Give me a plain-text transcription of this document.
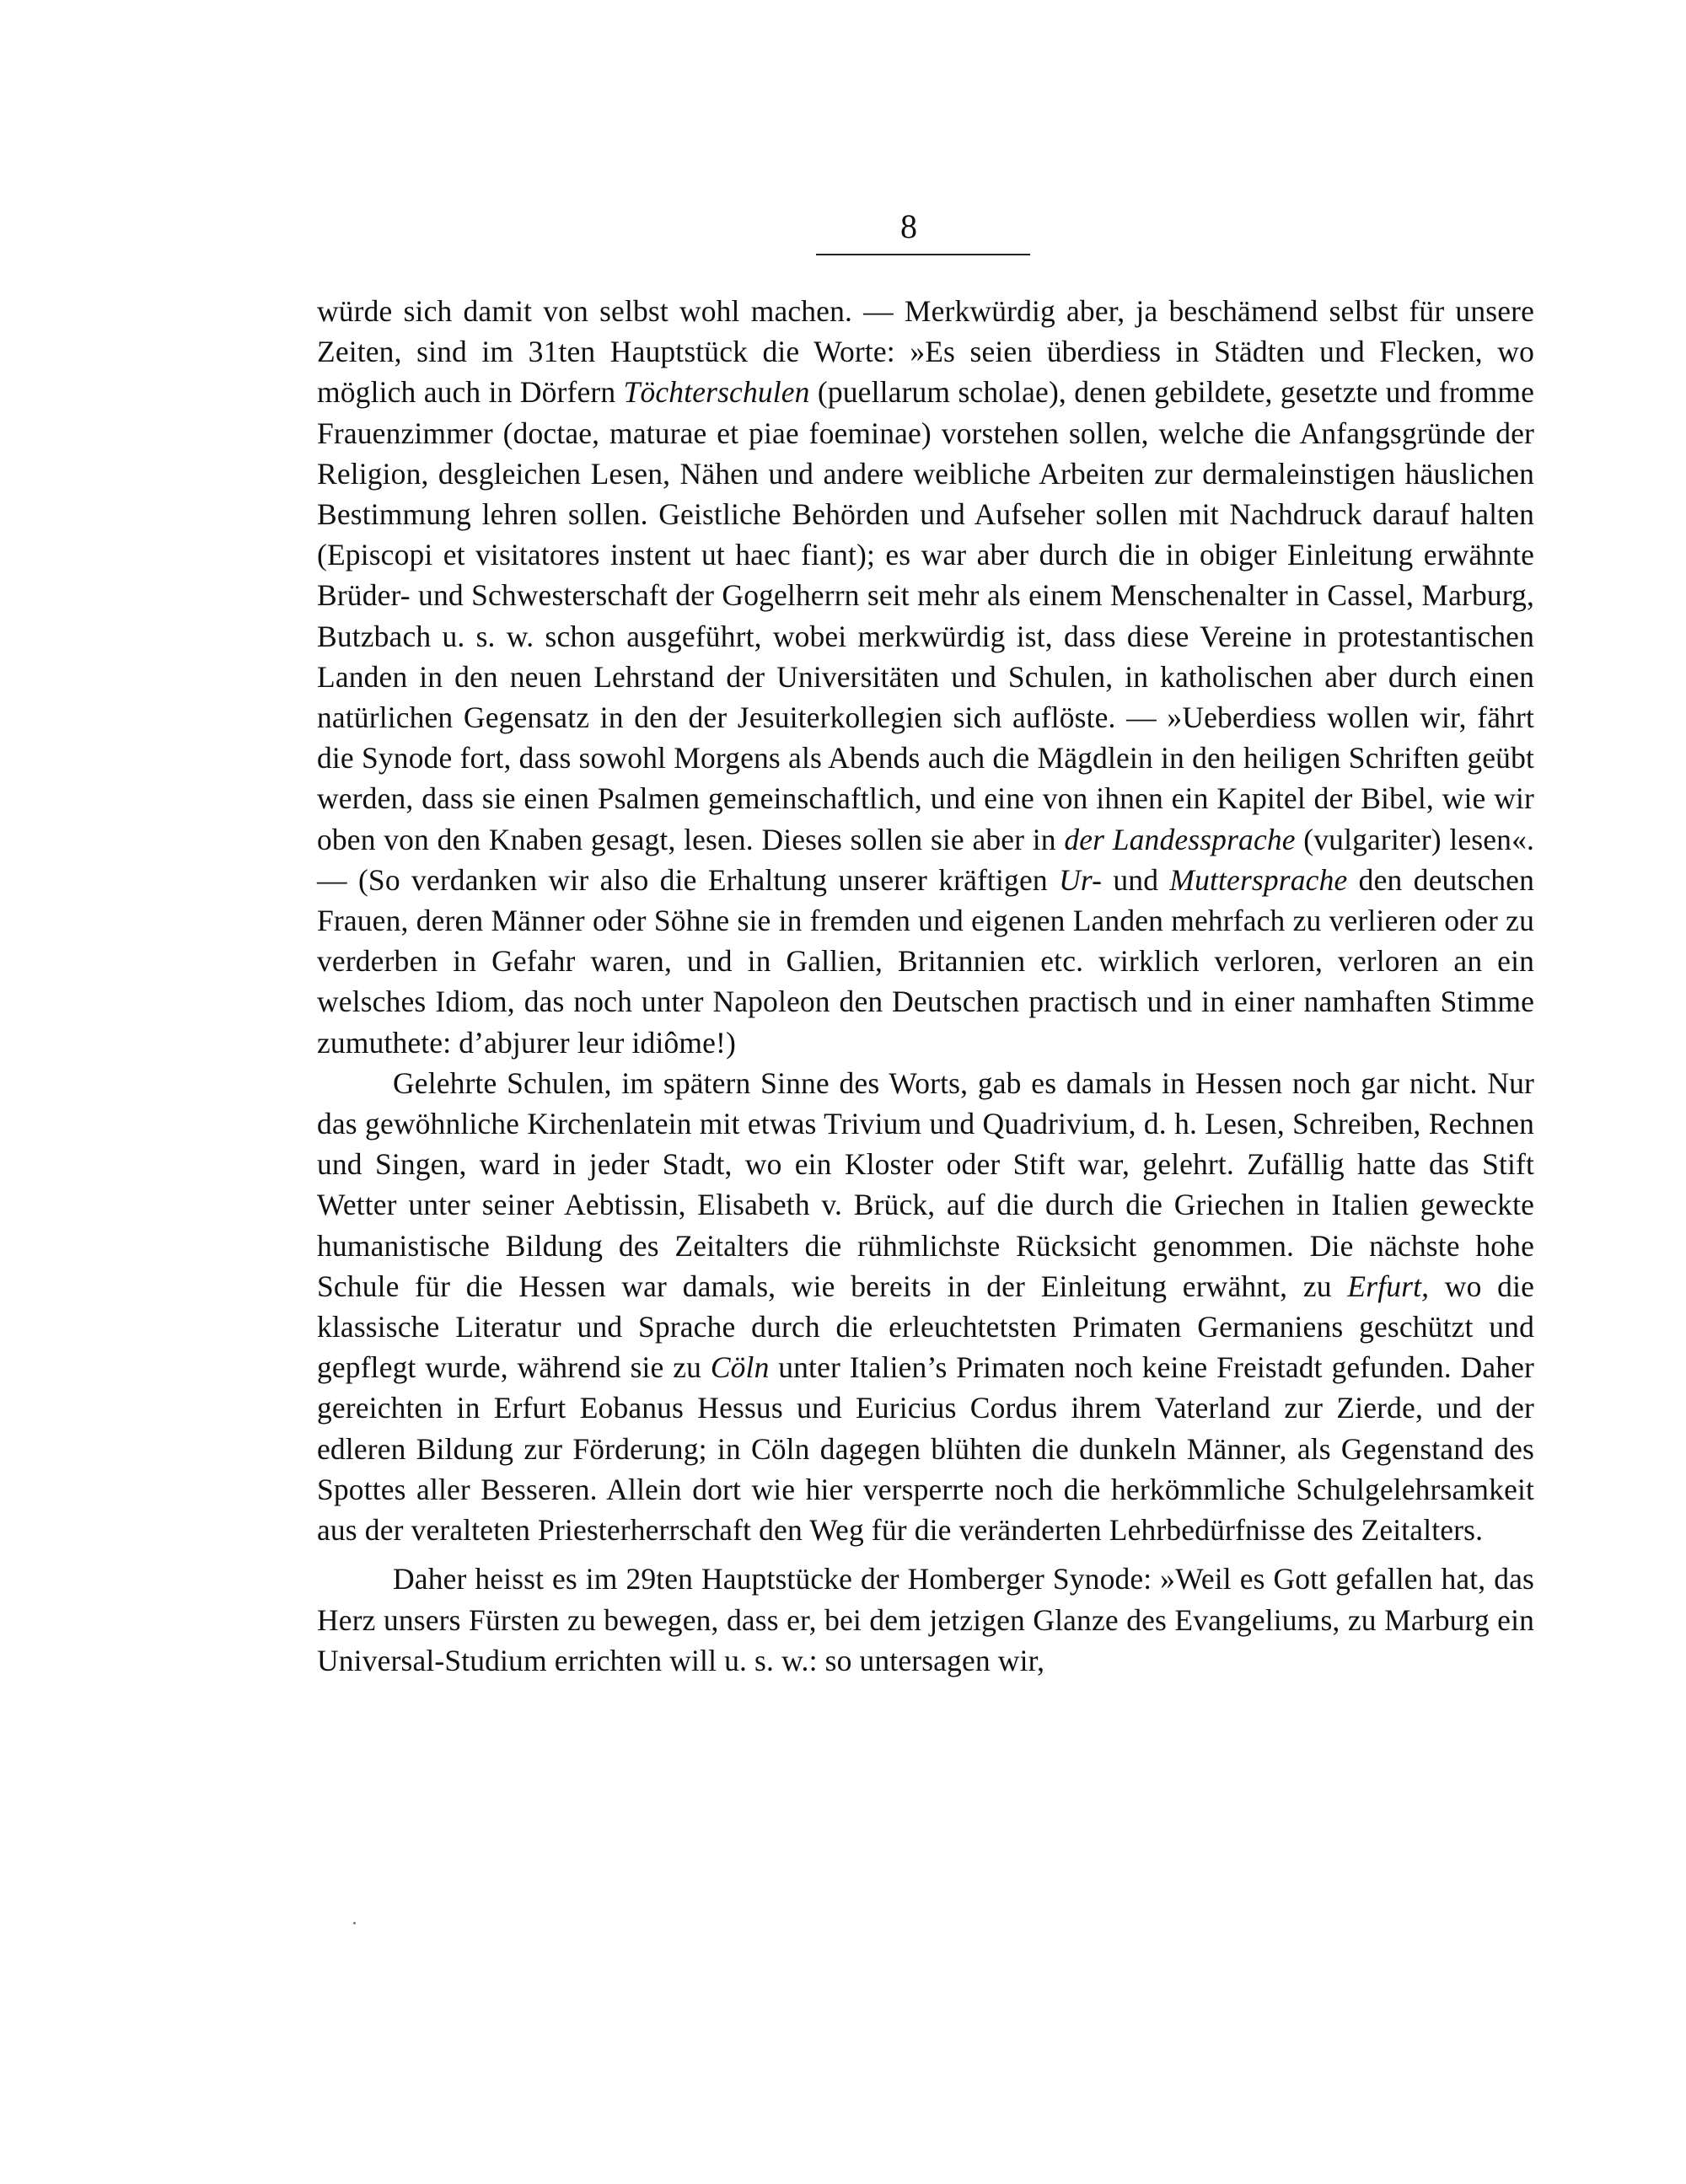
8

würde sich damit von selbst wohl machen. — Merkwürdig aber, ja beschämend selbst für unsere Zeiten, sind im 31ten Hauptstück die Worte: »Es seien überdiess in Städten und Flecken, wo möglich auch in Dörfern Töchterschulen (puellarum scholae), denen gebildete, gesetzte und fromme Frauenzimmer (doctae, maturae et piae foeminae) vorstehen sollen, welche die Anfangsgründe der Religion, desgleichen Lesen, Nähen und andere weibliche Arbeiten zur dermaleinstigen häuslichen Bestimmung lehren sollen. Geistliche Behörden und Aufseher sollen mit Nachdruck darauf halten (Episcopi et visitatores instent ut haec fiant); es war aber durch die in obiger Einleitung erwähnte Brüder- und Schwesterschaft der Gogelherrn seit mehr als einem Menschenalter in Cassel, Marburg, Butzbach u. s. w. schon ausgeführt, wobei merkwürdig ist, dass diese Vereine in protestantischen Landen in den neuen Lehrstand der Universitäten und Schulen, in katholischen aber durch einen natürlichen Gegensatz in den der Jesuiterkollegien sich auflöste. — »Ueberdiess wollen wir, fährt die Synode fort, dass sowohl Morgens als Abends auch die Mägdlein in den heiligen Schriften geübt werden, dass sie einen Psalmen gemeinschaftlich, und eine von ihnen ein Kapitel der Bibel, wie wir oben von den Knaben gesagt, lesen. Dieses sollen sie aber in der Landessprache (vulgariter) lesen«. — (So verdanken wir also die Erhaltung unserer kräftigen Ur- und Muttersprache den deutschen Frauen, deren Männer oder Söhne sie in fremden und eigenen Landen mehrfach zu verlieren oder zu verderben in Gefahr waren, und in Gallien, Britannien etc. wirklich verloren, verloren an ein welsches Idiom, das noch unter Napoleon den Deutschen practisch und in einer namhaften Stimme zumuthete: d’abjurer leur idiôme!)

Gelehrte Schulen, im spätern Sinne des Worts, gab es damals in Hessen noch gar nicht. Nur das gewöhnliche Kirchenlatein mit etwas Trivium und Quadrivium, d. h. Lesen, Schreiben, Rechnen und Singen, ward in jeder Stadt, wo ein Kloster oder Stift war, gelehrt. Zufällig hatte das Stift Wetter unter seiner Aebtissin, Elisabeth v. Brück, auf die durch die Griechen in Italien geweckte humanistische Bildung des Zeitalters die rühmlichste Rücksicht genommen. Die nächste hohe Schule für die Hessen war damals, wie bereits in der Einleitung erwähnt, zu Erfurt, wo die klassische Literatur und Sprache durch die erleuchtetsten Primaten Germaniens geschützt und gepflegt wurde, während sie zu Cöln unter Italien’s Primaten noch keine Freistadt gefunden. Daher gereichten in Erfurt Eobanus Hessus und Euricius Cordus ihrem Vaterland zur Zierde, und der edleren Bildung zur Förderung; in Cöln dagegen blühten die dunkeln Männer, als Gegenstand des Spottes aller Besseren. Allein dort wie hier versperrte noch die herkömmliche Schulgelehrsamkeit aus der veralteten Priesterherrschaft den Weg für die veränderten Lehrbedürfnisse des Zeitalters.

Daher heisst es im 29ten Hauptstücke der Homberger Synode: »Weil es Gott gefallen hat, das Herz unsers Fürsten zu bewegen, dass er, bei dem jetzigen Glanze des Evangeliums, zu Marburg ein Universal-Studium errichten will u. s. w.: so untersagen wir,
